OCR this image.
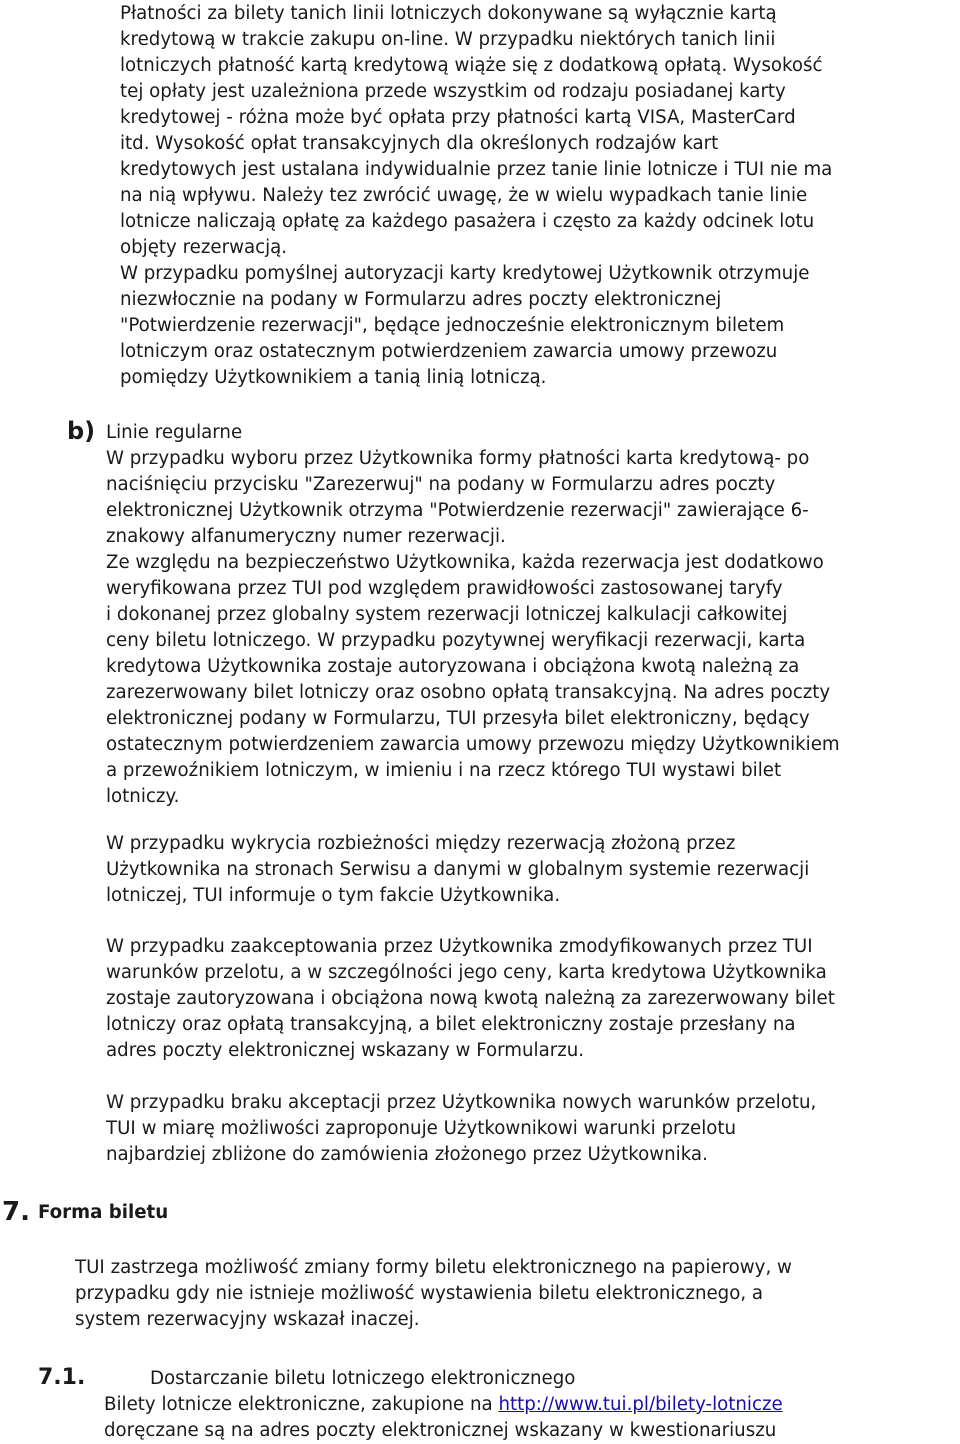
Płatności za bilety tanich linii lotniczych dokonywane są wyłącznie kartą
kredytową w trakcie zakupu on-line. W przypadku niektórych tanich linii
lotniczych płatność kartą kredytową wiąże się z dodatkową opłatą. Wysokość
tej opłaty jest uzależniona przede wszystkim od rodzaju posiadanej karty
kredytowej - różna może być opłata przy płatności kartą VISA, MasterCard
itd. Wysokość opłat transakcyjnych dla określonych rodzajów kart
kredytowych jest ustalana indywidualnie przez tanie linie lotnicze i TUI nie ma
na nią wpływu. Należy tez zwrócić uwagę, że w wielu wypadkach tanie linie
lotnicze naliczają opłatę za każdego pasażera i często za każdy odcinek lotu
objęty rezerwacją.
W przypadku pomyślnej autoryzacji karty kredytowej Użytkownik otrzymuje
niezwłocznie na podany w Formularzu adres poczty elektronicznej
"Potwierdzenie rezerwacji", będące jednocześnie elektronicznym biletem
lotniczym oraz ostatecznym potwierdzeniem zawarcia umowy przewozu
pomiędzy Użytkownikiem a tanią linią lotniczą.
b) Linie regularne
W przypadku wyboru przez Użytkownika formy płatności karta kredytową- po
naciśnięciu przycisku "Zarezerwuj" na podany w Formularzu adres poczty
elektronicznej Użytkownik otrzyma "Potwierdzenie rezerwacji" zawierające 6-
znakowy alfanumeryczny numer rezerwacji.
Ze względu na bezpieczeństwo Użytkownika, każda rezerwacja jest dodatkowo
weryfikowana przez TUI pod względem prawidłowości zastosowanej taryfy
i dokonanej przez globalny system rezerwacji lotniczej kalkulacji całkowitej
ceny biletu lotniczego. W przypadku pozytywnej weryfikacji rezerwacji, karta
kredytowa Użytkownika zostaje autoryzowana i obciążona kwotą należną za
zarezerwowany bilet lotniczy oraz osobno opłatą transakcyjną. Na adres poczty
elektronicznej podany w Formularzu, TUI przesyła bilet elektroniczny, będący
ostatecznym potwierdzeniem zawarcia umowy przewozu między Użytkownikiem
a przewoźnikiem lotniczym, w imieniu i na rzecz którego TUI wystawi bilet
lotniczy.
W przypadku wykrycia rozbieżności między rezerwacją złożoną przez
Użytkownika na stronach Serwisu a danymi w globalnym systemie rezerwacji
lotniczej, TUI informuje o tym fakcie Użytkownika.
W przypadku zaakceptowania przez Użytkownika zmodyfikowanych przez TUI
warunków przelotu, a w szczególności jego ceny, karta kredytowa Użytkownika
zostaje zautoryzowana i obciążona nową kwotą należną za zarezerwowany bilet
lotniczy oraz opłatą transakcyjną, a bilet elektroniczny zostaje przesłany na
adres poczty elektronicznej wskazany w Formularzu.
W przypadku braku akceptacji przez Użytkownika nowych warunków przelotu,
TUI w miarę możliwości zaproponuje Użytkownikowi warunki przelotu
najbardziej zbliżone do zamówienia złożonego przez Użytkownika.
7. Forma biletu
TUI zastrzega możliwość zmiany formy biletu elektronicznego na papierowy, w
przypadku gdy nie istnieje możliwość wystawienia biletu elektronicznego, a
system rezerwacyjny wskazał inaczej.
7.1.	Dostarczanie biletu lotniczego elektronicznego
Bilety lotnicze elektroniczne, zakupione na http://www.tui.pl/bilety-lotnicze
doręczane są na adres poczty elektronicznej wskazany w kwestionariuszu
